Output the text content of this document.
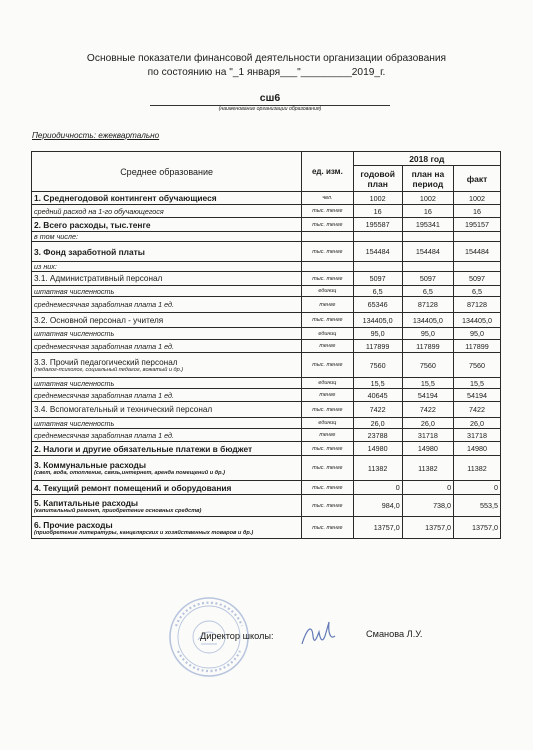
Основные показатели финансовой деятельности организации образования
по состоянию на "_1 января___"_________2019_г.
сш6
(наименование организации образования)
Периодичность: ежеквартально
Среднее образование	ед. изм.	2018 год		
		годовой план	план на период	факт
1. Среднегодовой контингент обучающиеся	чел.	1002	1002	1002
средний расход на 1-го обучающегося	тыс. тенге	16	16	16
2. Всего расходы, тыс.тенге	тыс. тенге	195587	195341	195157
в том числе:				
3. Фонд заработной платы	тыс. тенге	154484	154484	154484
из них:				
3.1. Административный персонал	тыс. тенге	5097	5097	5097
штатная численность	единиц	6,5	6,5	6,5
среднемесячная заработная плата 1 ед.	тенге	65346	87128	87128
3.2. Основной персонал - учителя	тыс. тенге	134405,0	134405,0	134405,0
штатная численность	единиц	95,0	95,0	95,0
среднемесячная заработная плата 1 ед.	тенге	117899	117899	117899
3.3. Прочий педагогический персонал
(педагог-психолог, социальный педагог, вожатый и др.)	тыс. тенге	7560	7560	7560
штатная численность	единиц	15,5	15,5	15,5
среднемесячная заработная плата 1 ед.	тенге	40645	54194	54194
3.4. Вспомогательный и технический персонал	тыс. тенге	7422	7422	7422
штатная численность	единиц	26,0	26,0	26,0
среднемесячная заработная плата 1 ед.	тенге	23788	31718	31718
2. Налоги и другие обязательные платежи в бюджет	тыс. тенге	14980	14980	14980
3. Коммунальные расходы
(свет, вода, отопление, связь,интернет, аренда помещений и др.)	тыс. тенге	11382	11382	11382
4. Текущий ремонт помещений и оборудования	тыс. тенге	0	0	0
5. Капитальные расходы
(капитальный ремонт, приобретение основных средств)	тыс. тенге	984,0	738,0	553,5
6. Прочие расходы
(приобретение литературы, канцелярских и хозяйственных товаров и др.)	тыс. тенге	13757,0	13757,0	13757,0
Директор школы:	Сманова Л.У.
